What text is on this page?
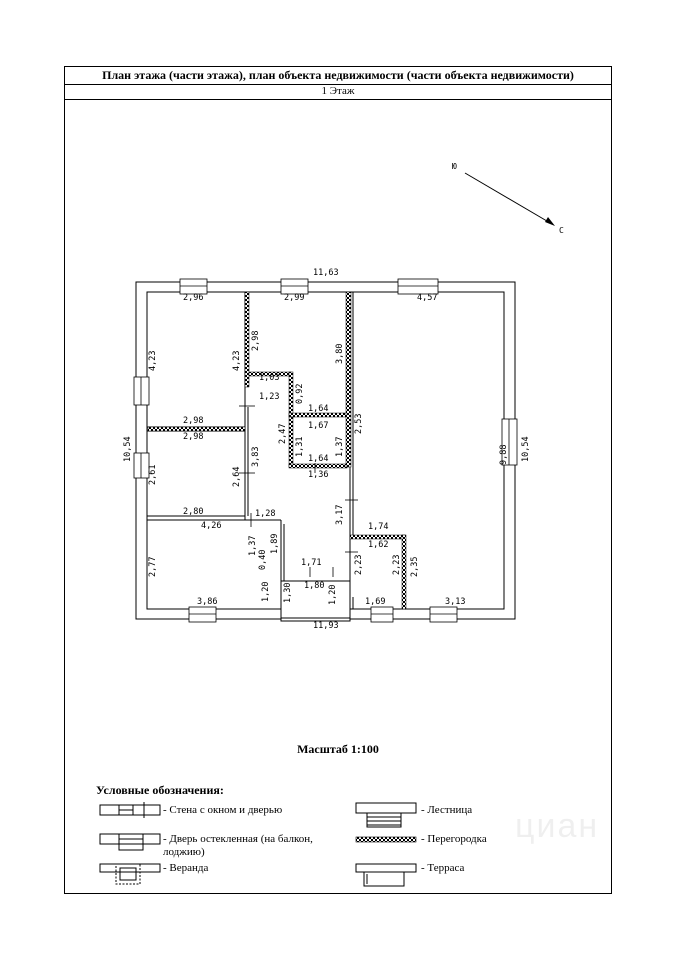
План этажа (части этажа), план объекта недвижимости (части объекта недвижимости)
1 Этаж
Ю
С
11,63
11,93
10,54	10,54
2,96	2,99	4,57
4,23	4,23
2,98
2,98
3,80
9,88
1,03
1,23 0,92
1,64
1,67	2,53
1,64
1,36
1,31	1,37
2,47
3,83
2,98
2,61	2,64
2,80
4,26
1,28
1,37 1,89
3,17
1,74
1,62
2,77
3,86
0,40	1,71
1,20 1,30 1,80 1,20
2,23	2,23 2,35
1,69	3,13
Масштаб 1:100
Условные обозначения:
- Стена с окном и дверью	- Лестница
- Дверь остекленная (на балкон, лоджию)
- Перегородка
- Веранда	- Терраса
циан
